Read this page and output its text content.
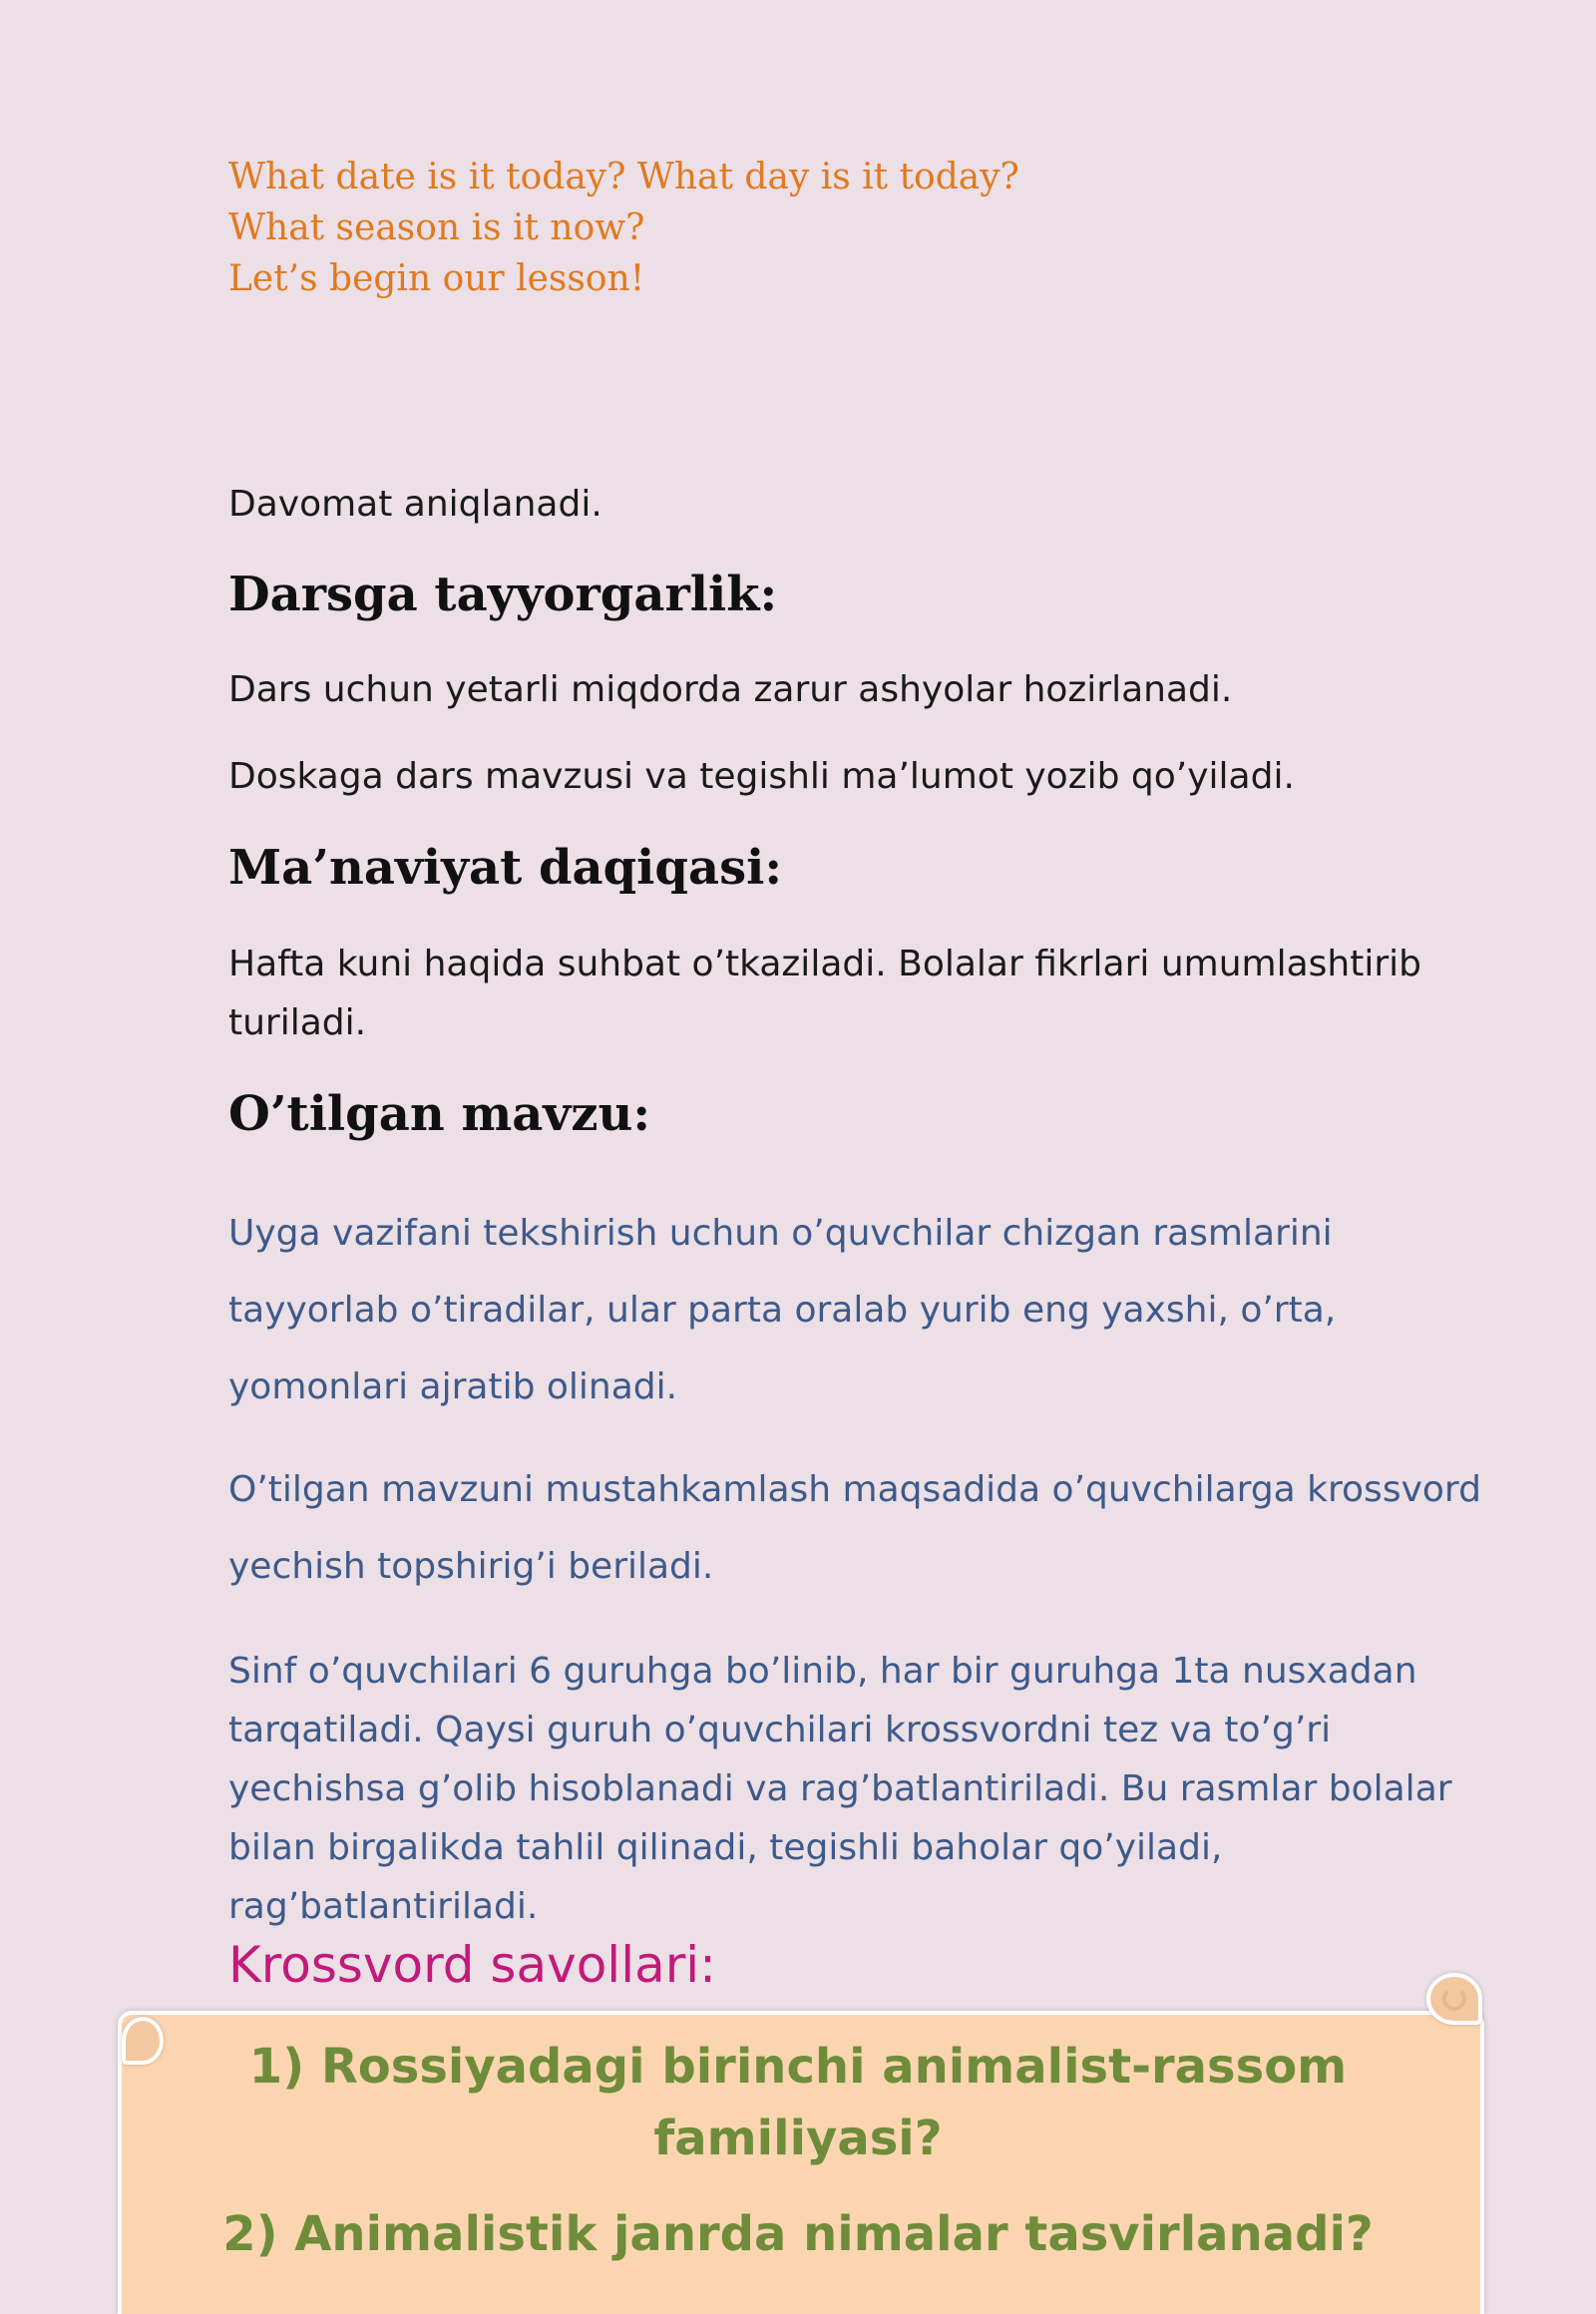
What date is it today? What day is it today?
What season is it now?
Let’s begin our lesson!
Davomat aniqlanadi.
Darsga tayyorgarlik:
Dars uchun yetarli miqdorda zarur ashyolar hozirlanadi.
Doskaga dars mavzusi va tegishli ma’lumot yozib qo’yiladi.
Ma’naviyat daqiqasi:
Hafta kuni haqida suhbat o’tkaziladi. Bolalar fikrlari umumlashtirib turiladi.
O’tilgan mavzu:
Uyga vazifani tekshirish uchun o’quvchilar chizgan rasmlarini tayyorlab o’tiradilar, ular parta oralab yurib eng yaxshi, o’rta, yomonlari ajratib olinadi.
O’tilgan mavzuni mustahkamlash maqsadida o’quvchilarga krossvord yechish topshirig’i beriladi.
Sinf o’quvchilari 6 guruhga bo’linib, har bir guruhga 1ta nusxadan tarqatiladi. Qaysi guruh o’quvchilari krossvordni tez va to’g’ri yechishsa g’olib hisoblanadi va rag’batlantiriladi. Bu rasmlar bolalar bilan birgalikda tahlil qilinadi, tegishli baholar qo’yiladi, rag’batlantiriladi.
Krossvord savollari:
1) Rossiyadagi birinchi animalist-rassom familiyasi?
2) Animalistik janrda nimalar tasvirlanadi?
